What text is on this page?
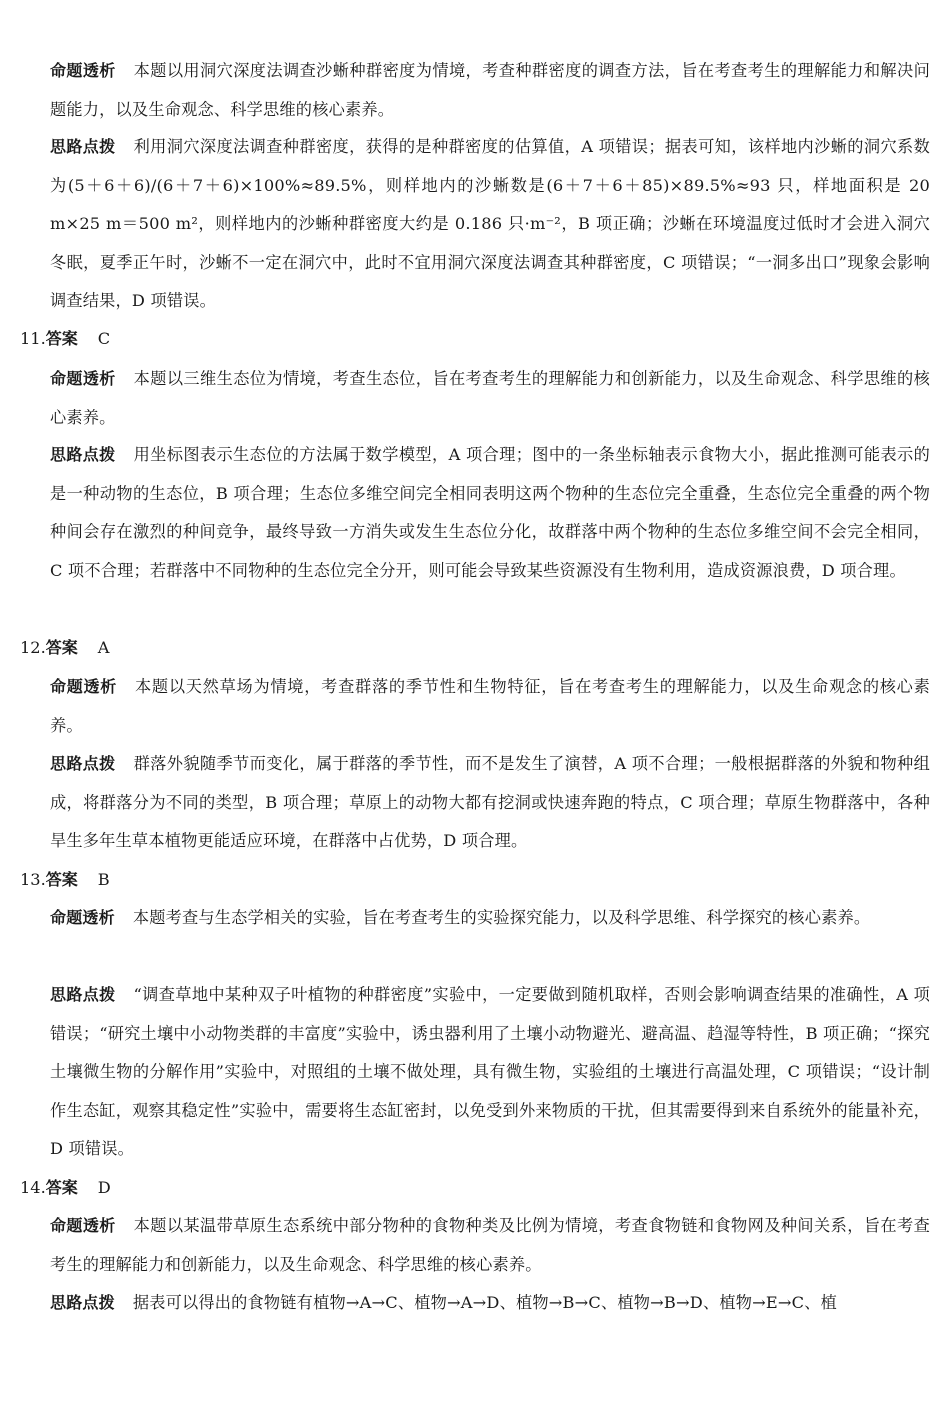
命题透析 本题以用洞穴深度法调查沙蜥种群密度为情境，考查种群密度的调查方法，旨在考查考生的理解能力和解决问题能力，以及生命观念、科学思维的核心素养。

思路点拨 利用洞穴深度法调查种群密度，获得的是种群密度的估算值，A 项错误；据表可知，该样地内沙蜥的洞穴系数为(5＋6＋6)/(6＋7＋6)×100%≈89.5%，则样地内的沙蜥数是(6＋7＋6＋85)×89.5%≈93 只，样地面积是 20 m×25 m＝500 m²，则样地内的沙蜥种群密度大约是 0.186 只·m⁻²，B 项正确；沙蜥在环境温度过低时才会进入洞穴冬眠，夏季正午时，沙蜥不一定在洞穴中，此时不宜用洞穴深度法调查其种群密度，C 项错误；“一洞多出口”现象会影响调查结果，D 项错误。

11.答案 C

命题透析 本题以三维生态位为情境，考查生态位，旨在考查考生的理解能力和创新能力，以及生命观念、科学思维的核心素养。

思路点拨 用坐标图表示生态位的方法属于数学模型，A 项合理；图中的一条坐标轴表示食物大小，据此推测可能表示的是一种动物的生态位，B 项合理；生态位多维空间完全相同表明这两个物种的生态位完全重叠，生态位完全重叠的两个物种间会存在激烈的种间竞争，最终导致一方消失或发生生态位分化，故群落中两个物种的生态位多维空间不会完全相同，C 项不合理；若群落中不同物种的生态位完全分开，则可能会导致某些资源没有生物利用，造成资源浪费，D 项合理。

12.答案 A

命题透析 本题以天然草场为情境，考查群落的季节性和生物特征，旨在考查考生的理解能力，以及生命观念的核心素养。

思路点拨 群落外貌随季节而变化，属于群落的季节性，而不是发生了演替，A 项不合理；一般根据群落的外貌和物种组成，将群落分为不同的类型，B 项合理；草原上的动物大都有挖洞或快速奔跑的特点，C 项合理；草原生物群落中，各种旱生多年生草本植物更能适应环境，在群落中占优势，D 项合理。

13.答案 B

命题透析 本题考查与生态学相关的实验，旨在考查考生的实验探究能力，以及科学思维、科学探究的核心素养。

思路点拨 “调查草地中某种双子叶植物的种群密度”实验中，一定要做到随机取样，否则会影响调查结果的准确性，A 项错误；“研究土壤中小动物类群的丰富度”实验中，诱虫器利用了土壤小动物避光、避高温、趋湿等特性，B 项正确；“探究土壤微生物的分解作用”实验中，对照组的土壤不做处理，具有微生物，实验组的土壤进行高温处理，C 项错误；“设计制作生态缸，观察其稳定性”实验中，需要将生态缸密封，以免受到外来物质的干扰，但其需要得到来自系统外的能量补充，D 项错误。

14.答案 D

命题透析 本题以某温带草原生态系统中部分物种的食物种类及比例为情境，考查食物链和食物网及种间关系，旨在考查考生的理解能力和创新能力，以及生命观念、科学思维的核心素养。

思路点拨 据表可以得出的食物链有植物→A→C、植物→A→D、植物→B→C、植物→B→D、植物→E→C、植
